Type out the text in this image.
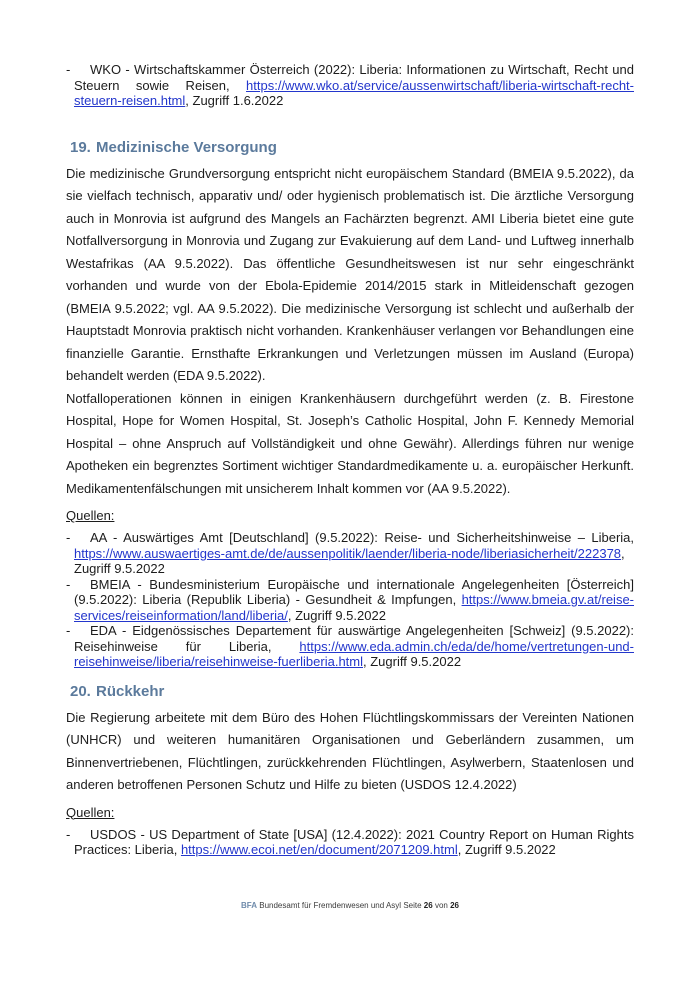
- WKO - Wirtschaftskammer Österreich (2022): Liberia: Informationen zu Wirtschaft, Recht und Steuern sowie Reisen, https://www.wko.at/service/aussenwirtschaft/liberia-wirtschaft-recht-steuern-reisen.html, Zugriff 1.6.2022
19. Medizinische Versorgung

Die medizinische Grundversorgung entspricht nicht europäischem Standard (BMEIA 9.5.2022), da sie vielfach technisch, apparativ und/ oder hygienisch problematisch ist. Die ärztliche Versorgung auch in Monrovia ist aufgrund des Mangels an Fachärzten begrenzt. AMI Liberia bietet eine gute Notfallversorgung in Monrovia und Zugang zur Evakuierung auf dem Land- und Luftweg innerhalb Westafrikas (AA 9.5.2022). Das öffentliche Gesundheitswesen ist nur sehr eingeschränkt vorhanden und wurde von der Ebola-Epidemie 2014/2015 stark in Mitleidenschaft gezogen (BMEIA 9.5.2022; vgl. AA 9.5.2022). Die medizinische Versorgung ist schlecht und außerhalb der Hauptstadt Monrovia praktisch nicht vorhanden. Krankenhäuser verlangen vor Behandlungen eine finanzielle Garantie. Ernsthafte Erkrankungen und Verletzungen müssen im Ausland (Europa) behandelt werden (EDA 9.5.2022).

Notfalloperationen können in einigen Krankenhäusern durchgeführt werden (z. B. Firestone Hospital, Hope for Women Hospital, St. Joseph’s Catholic Hospital, John F. Kennedy Memorial Hospital – ohne Anspruch auf Vollständigkeit und ohne Gewähr). Allerdings führen nur wenige Apotheken ein begrenztes Sortiment wichtiger Standardmedikamente u. a. europäischer Herkunft. Medikamentenfälschungen mit unsicherem Inhalt kommen vor (AA 9.5.2022).

Quellen:
- AA - Auswärtiges Amt [Deutschland] (9.5.2022): Reise- und Sicherheitshinweise – Liberia, https://www.auswaertiges-amt.de/de/aussenpolitik/laender/liberia-node/liberiasicherheit/222378, Zugriff 9.5.2022
- BMEIA - Bundesministerium Europäische und internationale Angelegenheiten [Österreich] (9.5.2022): Liberia (Republik Liberia) - Gesundheit & Impfungen, https://www.bmeia.gv.at/reise-services/reiseinformation/land/liberia/, Zugriff 9.5.2022
- EDA - Eidgenössisches Departement für auswärtige Angelegenheiten [Schweiz] (9.5.2022): Reisehinweise für Liberia, https://www.eda.admin.ch/eda/de/home/vertretungen-und-reisehinweise/liberia/reisehinweise-fuerliberia.html, Zugriff 9.5.2022
20. Rückkehr

Die Regierung arbeitete mit dem Büro des Hohen Flüchtlingskommissars der Vereinten Nationen (UNHCR) und weiteren humanitären Organisationen und Geberländern zusammen, um Binnenvertriebenen, Flüchtlingen, zurückkehrenden Flüchtlingen, Asylwerbern, Staatenlosen und anderen betroffenen Personen Schutz und Hilfe zu bieten (USDOS 12.4.2022)

Quellen:
- USDOS - US Department of State [USA] (12.4.2022): 2021 Country Report on Human Rights Practices: Liberia, https://www.ecoi.net/en/document/2071209.html, Zugriff 9.5.2022
BFA Bundesamt für Fremdenwesen und Asyl Seite 26 von 26
